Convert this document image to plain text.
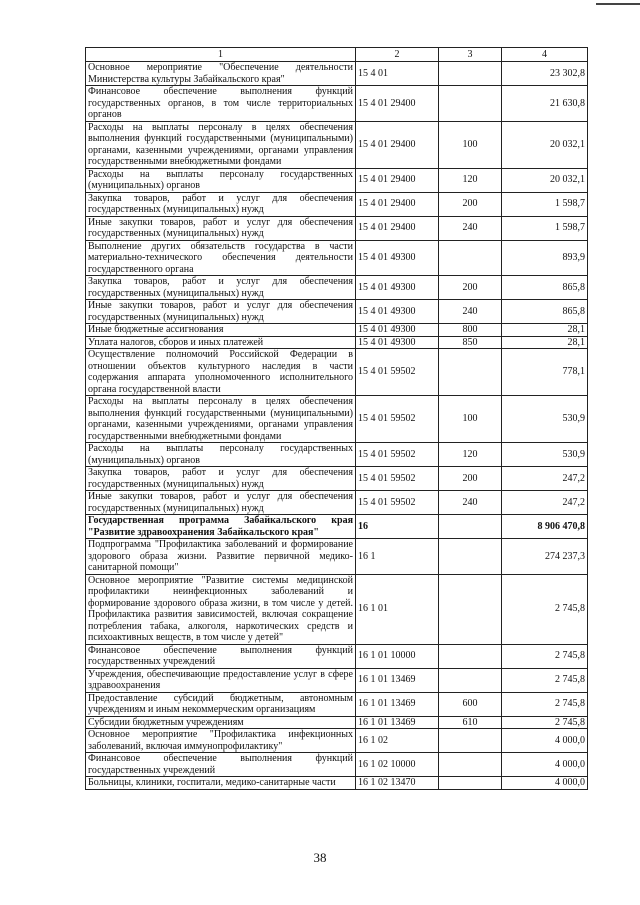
1	2	3	4
Основное мероприятие "Обеспечение деятельности Министерства культуры Забайкальского края"	15 4 01		23 302,8
Финансовое обеспечение выполнения функций государственных органов, в том числе территориальных органов	15 4 01 29400		21 630,8
Расходы на выплаты персоналу в целях обеспечения выполнения функций государственными (муниципальными) органами, казенными учреждениями, органами управления государственными внебюджетными фондами	15 4 01 29400	100	20 032,1
Расходы на выплаты персоналу государственных (муниципальных) органов	15 4 01 29400	120	20 032,1
Закупка товаров, работ и услуг для обеспечения государственных (муниципальных) нужд	15 4 01 29400	200	1 598,7
Иные закупки товаров, работ и услуг для обеспечения государственных (муниципальных) нужд	15 4 01 29400	240	1 598,7
Выполнение других обязательств государства в части материально-технического обеспечения деятельности государственного органа	15 4 01 49300		893,9
Закупка товаров, работ и услуг для обеспечения государственных (муниципальных) нужд	15 4 01 49300	200	865,8
Иные закупки товаров, работ и услуг для обеспечения государственных (муниципальных) нужд	15 4 01 49300	240	865,8
Иные бюджетные ассигнования	15 4 01 49300	800	28,1
Уплата налогов, сборов и иных платежей	15 4 01 49300	850	28,1
Осуществление полномочий Российской Федерации в отношении объектов культурного наследия в части содержания аппарата уполномоченного исполнительного органа государственной власти	15 4 01 59502		778,1
Расходы на выплаты персоналу в целях обеспечения выполнения функций государственными (муниципальными) органами, казенными учреждениями, органами управления государственными внебюджетными фондами	15 4 01 59502	100	530,9
Расходы на выплаты персоналу государственных (муниципальных) органов	15 4 01 59502	120	530,9
Закупка товаров, работ и услуг для обеспечения государственных (муниципальных) нужд	15 4 01 59502	200	247,2
Иные закупки товаров, работ и услуг для обеспечения государственных (муниципальных) нужд	15 4 01 59502	240	247,2
Государственная программа Забайкальского края "Развитие здравоохранения Забайкальского края"	16		8 906 470,8
Подпрограмма "Профилактика заболеваний и формирование здорового образа жизни. Развитие первичной медико-санитарной помощи"	16 1		274 237,3
Основное мероприятие "Развитие системы медицинской профилактики неинфекционных заболеваний и формирование здорового образа жизни, в том числе у детей. Профилактика развития зависимостей, включая сокращение потребления табака, алкоголя, наркотических средств и психоактивных веществ, в том числе у детей"	16 1 01		2 745,8
Финансовое обеспечение выполнения функций государственных учреждений	16 1 01 10000		2 745,8
Учреждения, обеспечивающие предоставление услуг в сфере здравоохранения	16 1 01 13469		2 745,8
Предоставление субсидий бюджетным, автономным учреждениям и иным некоммерческим организациям	16 1 01 13469	600	2 745,8
Субсидии бюджетным учреждениям	16 1 01 13469	610	2 745,8
Основное мероприятие "Профилактика инфекционных заболеваний, включая иммунопрофилактику"	16 1 02		4 000,0
Финансовое обеспечение выполнения функций государственных учреждений	16 1 02 10000		4 000,0
Больницы, клиники, госпитали, медико-санитарные части	16 1 02 13470		4 000,0
38
